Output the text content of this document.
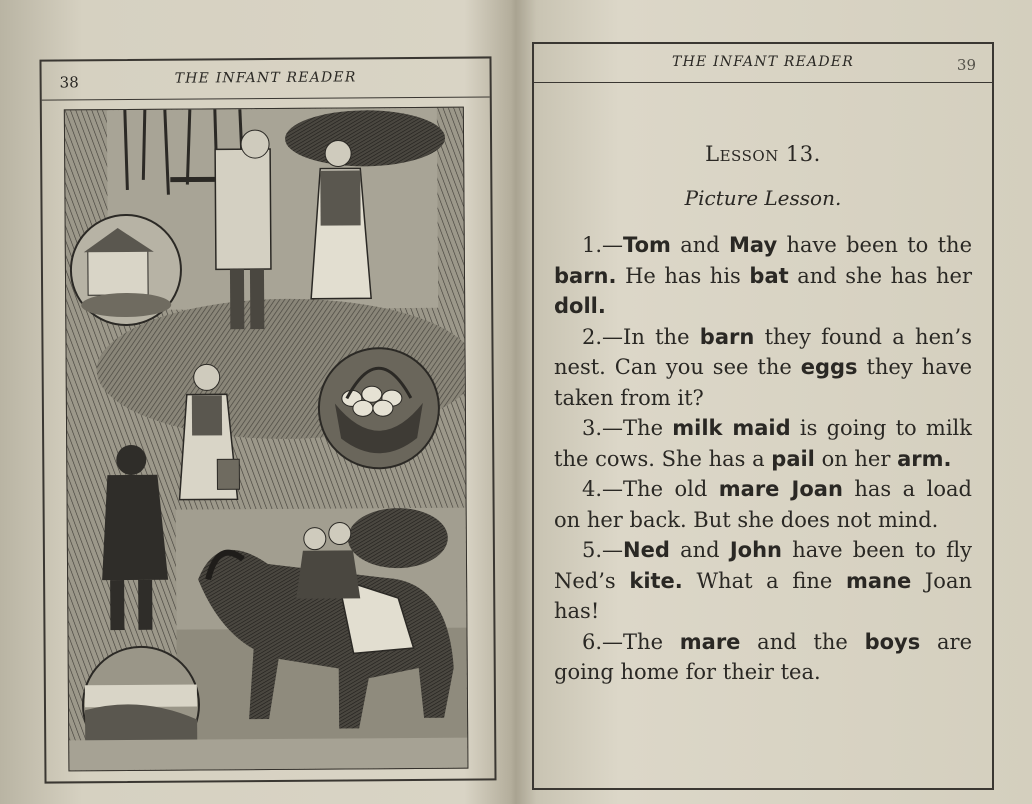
38	THE INFANT READER
THE INFANT READER	39
Lesson 13.
Picture Lesson.

1.—Tom and May have been to the barn. He has his bat and she has her doll.

2.—In the barn they found a hen’s nest. Can you see the eggs they have taken from it?

3.—The milk maid is going to milk the cows. She has a pail on her arm.

4.—The old mare Joan has a load on her back. But she does not mind.

5.—Ned and John have been to fly Ned’s kite. What a fine mane Joan has!

6.—The mare and the boys are going home for their tea.
